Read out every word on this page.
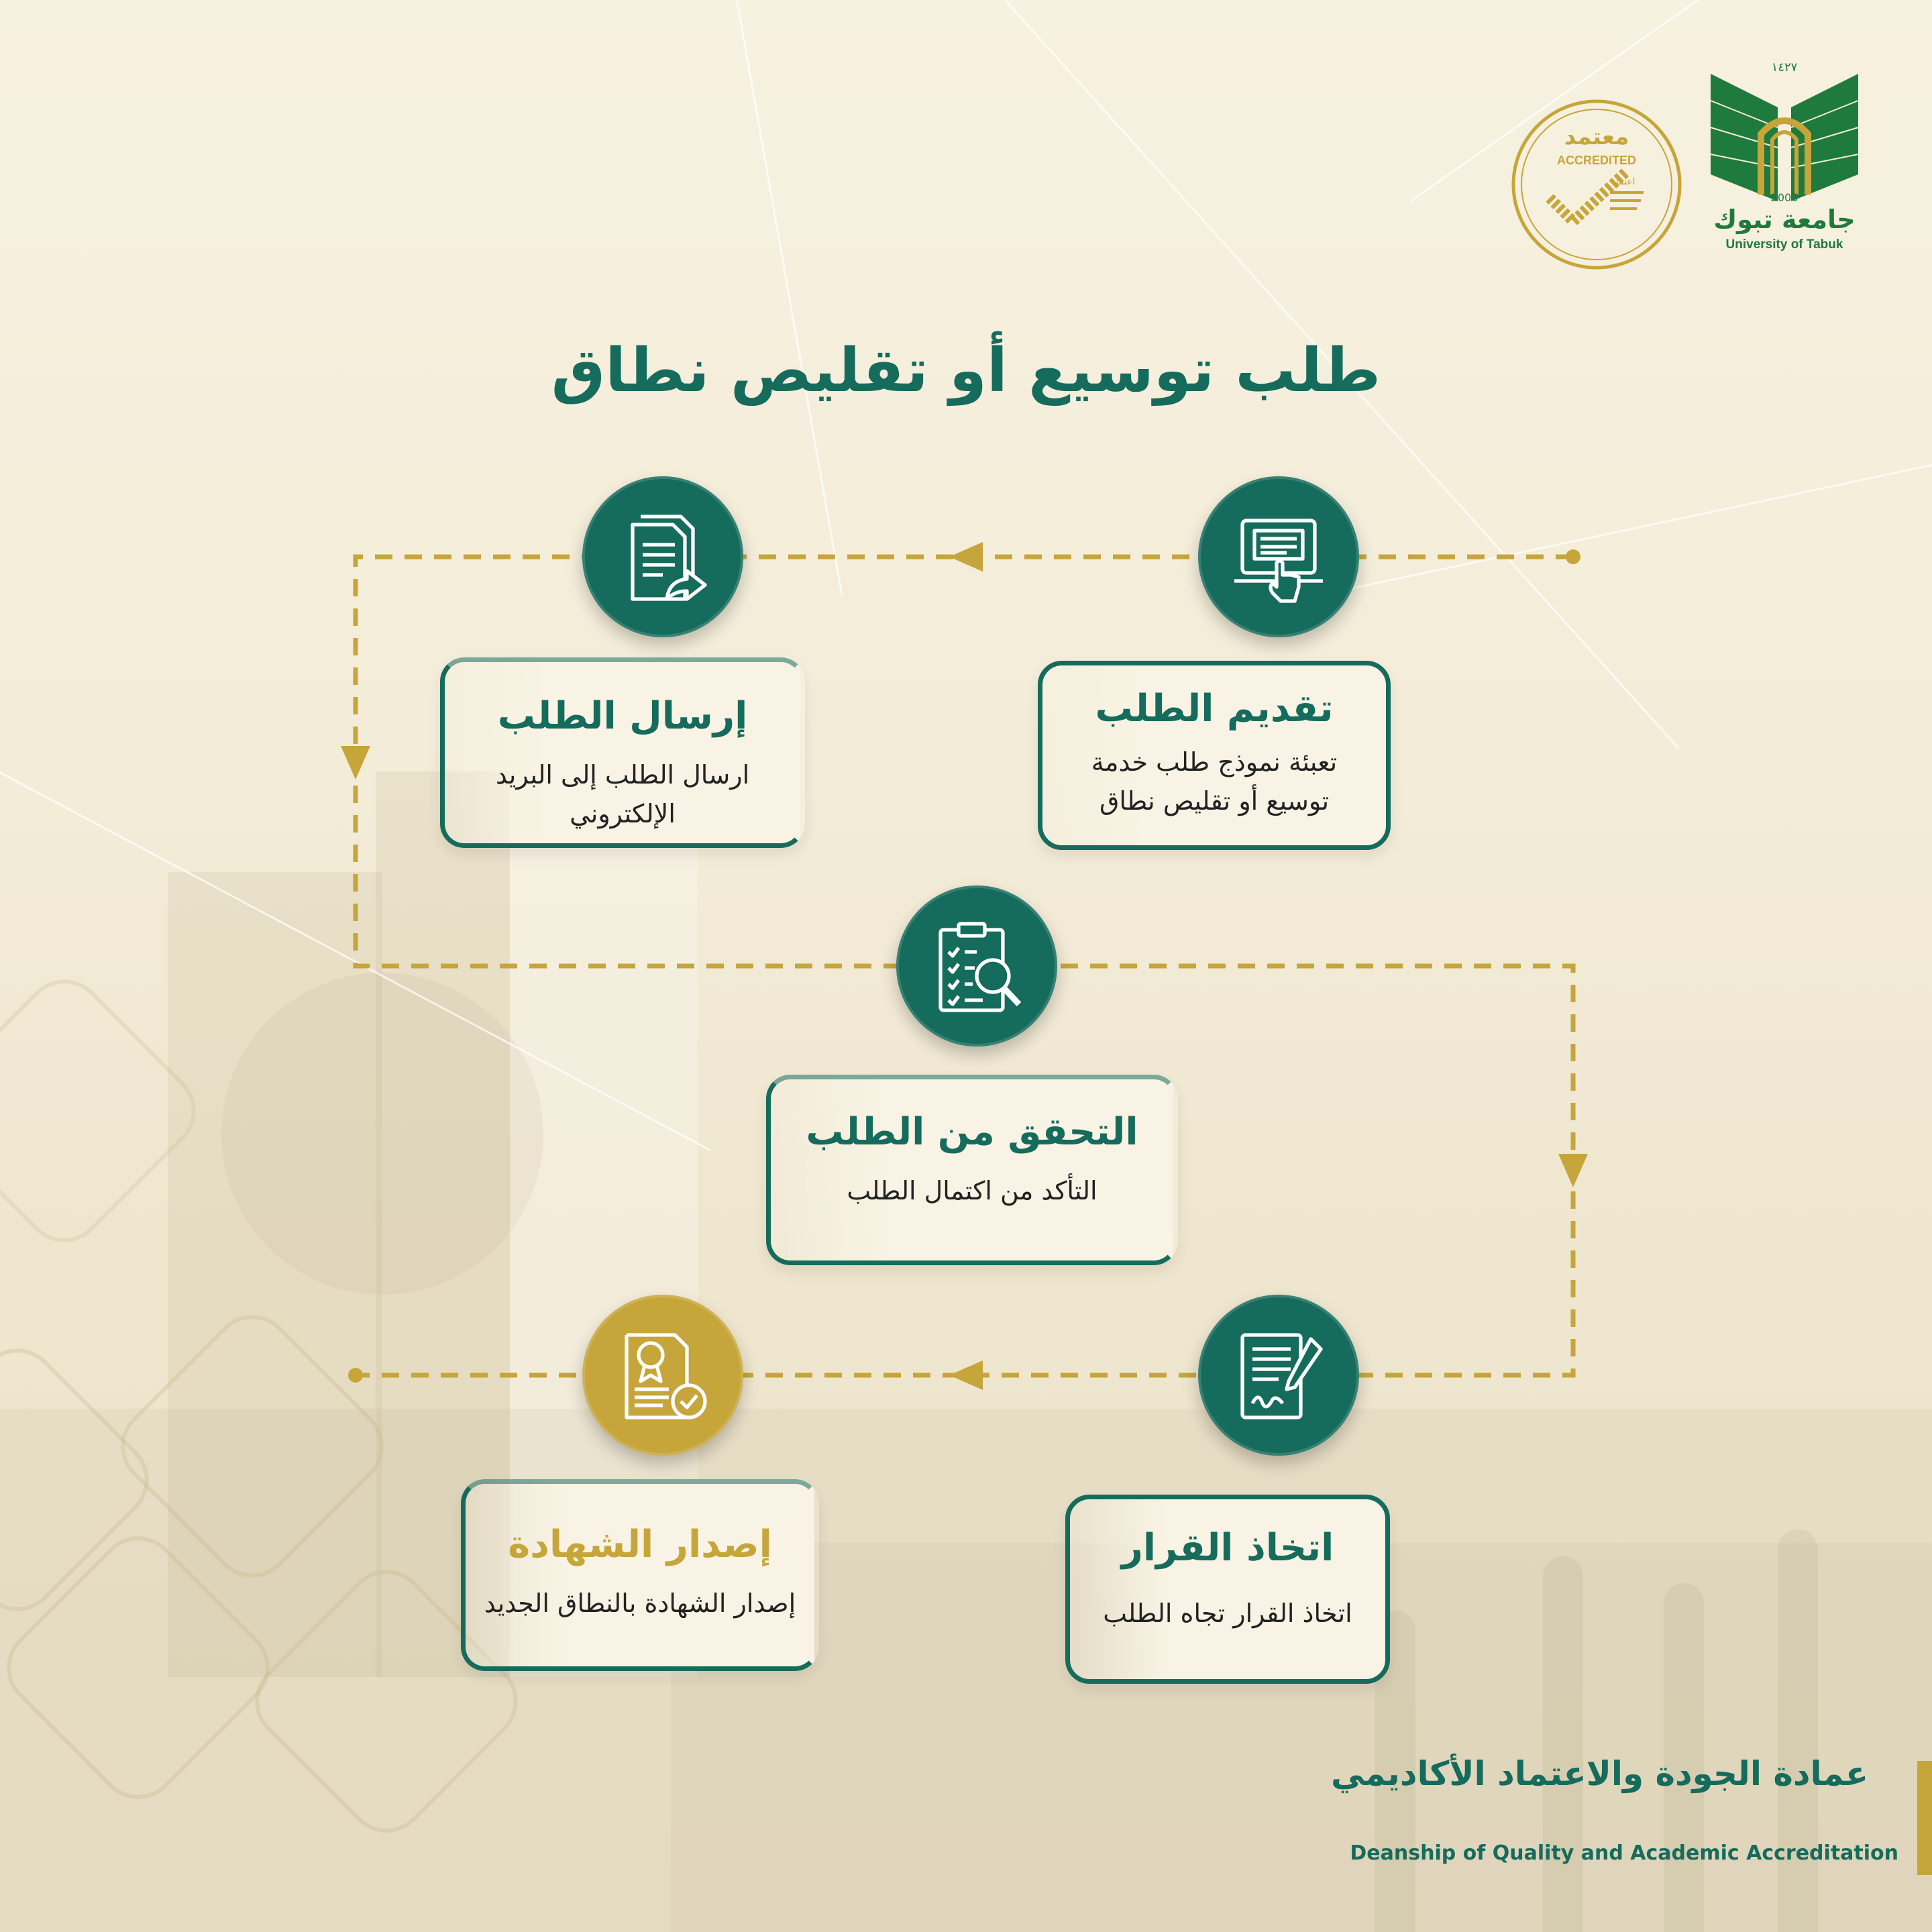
١٤٢٧
2006
جامعة تبوك
University of Tabuk
معتمد
ACCREDITED
اعتماد
طلب توسيع أو تقليص نطاق
تقديم الطلب
تعبئة نموذج طلب خدمة
توسيع أو تقليص نطاق
إرسال الطلب
ارسال الطلب إلى البريد الإلكتروني
التحقق من الطلب
التأكد من اكتمال الطلب
اتخاذ القرار
اتخاذ القرار تجاه الطلب
إصدار الشهادة
إصدار الشهادة بالنطاق الجديد
عمادة الجودة والاعتماد الأكاديمي
Deanship of Quality and Academic Accreditation
